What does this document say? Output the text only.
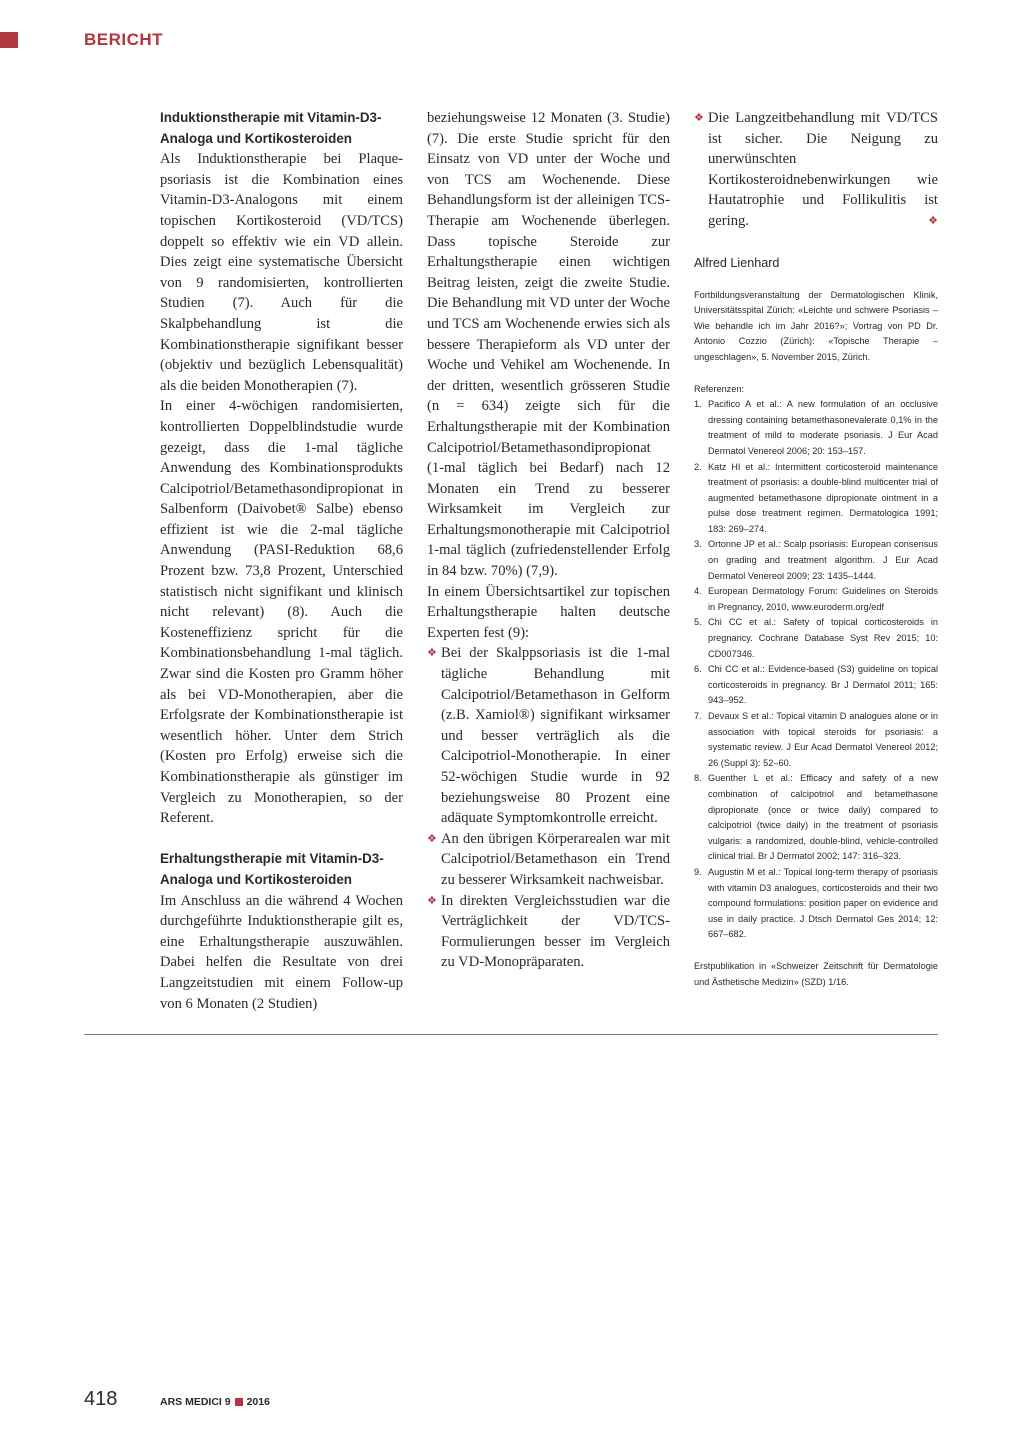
BERICHT
Induktionstherapie mit Vitamin-D3-Analoga und Kortikosteroiden

Als Induktionstherapie bei Plaquepsoriasis ist die Kombination eines Vitamin-D3-Analogons mit einem topischen Kortikosteroid (VD/TCS) doppelt so effektiv wie ein VD allein. Dies zeigt eine systematische Übersicht von 9 randomisierten, kontrollierten Studien (7). Auch für die Skalpbehandlung ist die Kombinationstherapie signifikant besser (objektiv und bezüglich Lebensqualität) als die beiden Monotherapien (7).

In einer 4-wöchigen randomisierten, kontrollierten Doppelblindstudie wurde gezeigt, dass die 1-mal tägliche Anwendung des Kombinationsprodukts Calcipotriol/Betamethasondipropionat in Salbenform (Daivobet® Salbe) ebenso effizient ist wie die 2-mal tägliche Anwendung (PASI-Reduktion 68,6 Prozent bzw. 73,8 Prozent, Unterschied statistisch nicht signifikant und klinisch nicht relevant) (8). Auch die Kosteneffizienz spricht für die Kombinationsbehandlung 1-mal täglich. Zwar sind die Kosten pro Gramm höher als bei VD-Monotherapien, aber die Erfolgsrate der Kombinationstherapie ist wesentlich höher. Unter dem Strich (Kosten pro Erfolg) erweise sich die Kombinationstherapie als günstiger im Vergleich zu Monotherapien, so der Referent.

Erhaltungstherapie mit Vitamin-D3-Analoga und Kortikosteroiden

Im Anschluss an die während 4 Wochen durchgeführte Induktionstherapie gilt es, eine Erhaltungstherapie auszuwählen. Dabei helfen die Resultate von drei Langzeitstudien mit einem Follow-up von 6 Monaten (2 Studien)

beziehungsweise 12 Monaten (3. Studie) (7). Die erste Studie spricht für den Einsatz von VD unter der Woche und von TCS am Wochenende. Diese Behandlungsform ist der alleinigen TCS-Therapie am Wochenende überlegen. Dass topische Steroide zur Erhaltungstherapie einen wichtigen Beitrag leisten, zeigt die zweite Studie. Die Behandlung mit VD unter der Woche und TCS am Wochenende erwies sich als bessere Therapieform als VD unter der Woche und Vehikel am Wochenende. In der dritten, wesentlich grösseren Studie (n = 634) zeigte sich für die Erhaltungstherapie mit der Kombination Calcipotriol/Betamethasondipropionat (1-mal täglich bei Bedarf) nach 12 Monaten ein Trend zu besserer Wirksamkeit im Vergleich zur Erhaltungsmonotherapie mit Calcipotriol 1-mal täglich (zufriedenstellender Erfolg in 84 bzw. 70%) (7,9).

In einem Übersichtsartikel zur topischen Erhaltungstherapie halten deutsche Experten fest (9):

❖ Bei der Skalppsoriasis ist die 1-mal tägliche Behandlung mit Calcipotriol/Betamethason in Gelform (z.B. Xamiol®) signifikant wirksamer und besser verträglich als die Calcipotriol-Monotherapie. In einer 52-wöchigen Studie wurde in 92 beziehungsweise 80 Prozent eine adäquate Symptomkontrolle erreicht.
❖ An den übrigen Körperarealen war mit Calcipotriol/Betamethason ein Trend zu besserer Wirksamkeit nachweisbar.
❖ In direkten Vergleichsstudien war die Verträglichkeit der VD/TCS-Formulierungen besser im Vergleich zu VD-Monopräparaten.
❖ Die Langzeitbehandlung mit VD/TCS ist sicher. Die Neigung zu unerwünschten Kortikosteroidnebenwirkungen wie Hautatrophie und Follikulitis ist gering.	❖
Alfred Lienhard

Fortbildungsveranstaltung der Dermatologischen Klinik, Universitätsspital Zürich: «Leichte und schwere Psoriasis – Wie behandle ich im Jahr 2016?»; Vortrag von PD Dr. Antonio Cozzio (Zürich): «Topische Therapie – ungeschlagen», 5. November 2015, Zürich.

Referenzen:

1. Pacifico A et al.: A new formulation of an occlusive dressing containing betamethasonevalerate 0,1% in the treatment of mild to moderate psoriasis. J Eur Acad Dermatol Venereol 2006; 20: 153–157.
2. Katz HI et al.: Intermittent corticosteroid maintenance treatment of psoriasis: a double-blind multicenter trial of augmented betamethasone dipropionate ointment in a pulse dose treatment regimen. Dermatologica 1991; 183: 269–274.
3. Ortonne JP et al.: Scalp psoriasis: European consensus on grading and treatment algorithm. J Eur Acad Dermatol Venereol 2009; 23: 1435–1444.
4. European Dermatology Forum: Guidelines on Steroids in Pregnancy, 2010, www.euroderm.org/edf
5. Chi CC et al.: Safety of topical corticosteroids in pregnancy. Cochrane Database Syst Rev 2015; 10: CD007346.
6. Chi CC et al.: Evidence-based (S3) guideline on topical corticosteroids in pregnancy. Br J Dermatol 2011; 165: 943–952.
7. Devaux S et al.: Topical vitamin D analogues alone or in association with topical steroids for psoriasis: a systematic review. J Eur Acad Dermatol Venereol 2012; 26 (Suppl 3): 52–60.
8. Guenther L et al.: Efficacy and safety of a new combination of calcipotriol and betamethasone dipropionate (once or twice daily) compared to calcipotriol (twice daily) in the treatment of psoriasis vulgaris: a randomized, double-blind, vehicle-controlled clinical trial. Br J Dermatol 2002; 147: 316–323.
9. Augustin M et al.: Topical long-term therapy of psoriasis with vitamin D3 analogues, corticosteroids and their two compound formulations: position paper on evidence and use in daily practice. J Dtsch Dermatol Ges 2014; 12: 667–682.

Erstpublikation in «Schweizer Zeitschrift für Dermatologie und Ästhetische Medizin» (SZD) 1/16.

418	ARS MEDICI 9 2016
